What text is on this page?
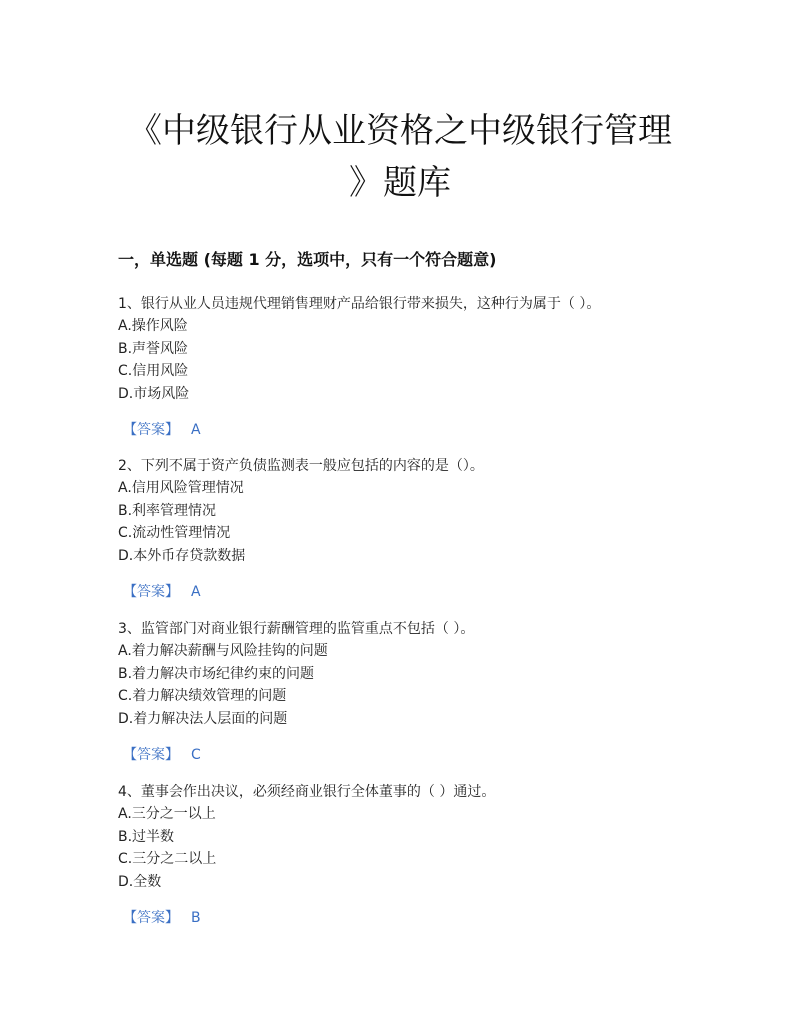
《中级银行从业资格之中级银行管理
》题库
一，单选题 (每题 1 分，选项中，只有一个符合题意)
1、银行从业人员违规代理销售理财产品给银行带来损失，这种行为属于（ ）。
A.操作风险
B.声誉风险
C.信用风险
D.市场风险
【答案】 A
2、下列不属于资产负债监测表一般应包括的内容的是（）。
A.信用风险管理情况
B.利率管理情况
C.流动性管理情况
D.本外币存贷款数据
【答案】 A
3、监管部门对商业银行薪酬管理的监管重点不包括（ ）。
A.着力解决薪酬与风险挂钩的问题
B.着力解决市场纪律约束的问题
C.着力解决绩效管理的问题
D.着力解决法人层面的问题
【答案】 C
4、董事会作出决议，必须经商业银行全体董事的（ ）通过。
A.三分之一以上
B.过半数
C.三分之二以上
D.全数
【答案】 B
